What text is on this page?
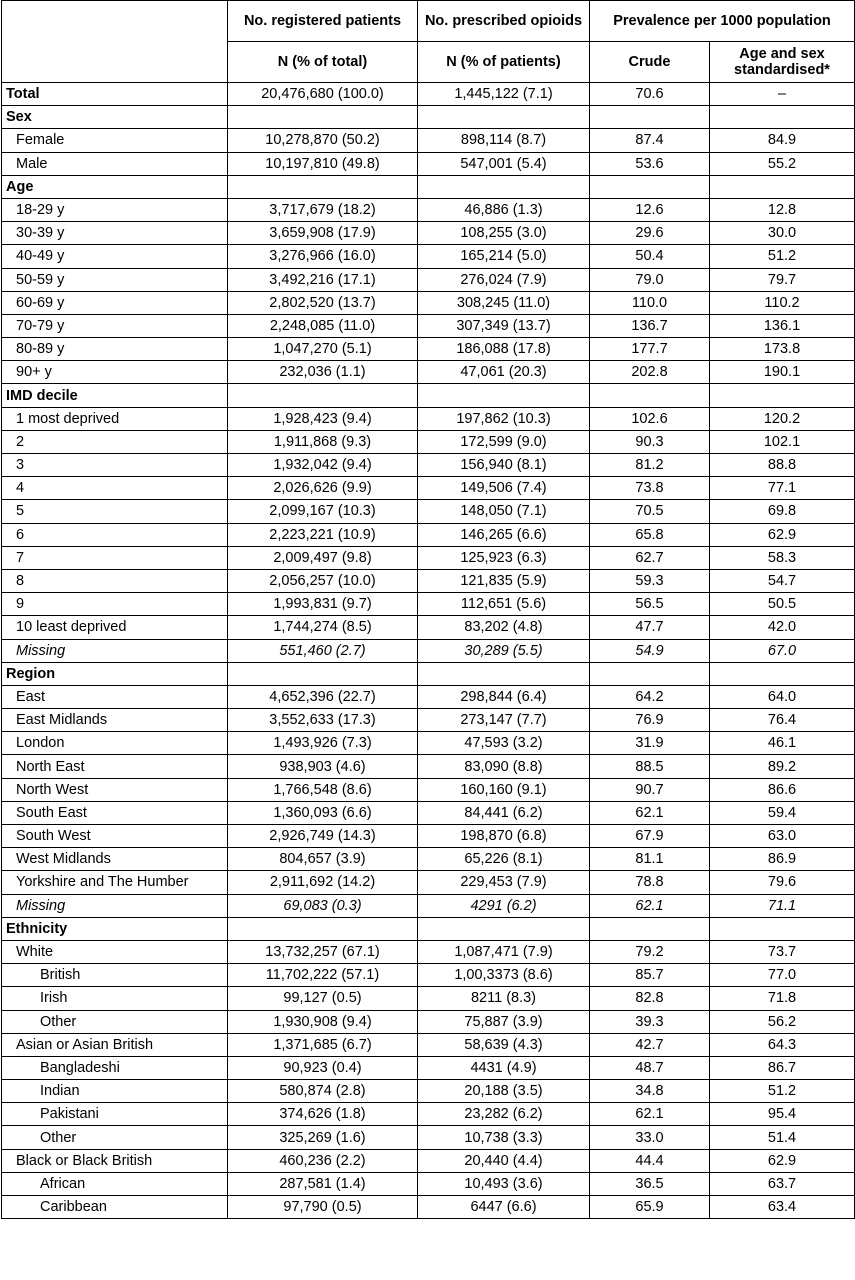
	No. registered patients	No. prescribed opioids	Prevalence per 1000 population	
	N (% of total)	N (% of patients)	Crude	Age and sex standardised*
Total	20,476,680 (100.0)	1,445,122 (7.1)	70.6	–
Sex				
Female	10,278,870 (50.2)	898,114 (8.7)	87.4	84.9
Male	10,197,810 (49.8)	547,001 (5.4)	53.6	55.2
Age				
18-29 y	3,717,679 (18.2)	46,886 (1.3)	12.6	12.8
30-39 y	3,659,908 (17.9)	108,255 (3.0)	29.6	30.0
40-49 y	3,276,966 (16.0)	165,214 (5.0)	50.4	51.2
50-59 y	3,492,216 (17.1)	276,024 (7.9)	79.0	79.7
60-69 y	2,802,520 (13.7)	308,245 (11.0)	110.0	110.2
70-79 y	2,248,085 (11.0)	307,349 (13.7)	136.7	136.1
80-89 y	1,047,270 (5.1)	186,088 (17.8)	177.7	173.8
90+ y	232,036 (1.1)	47,061 (20.3)	202.8	190.1
IMD decile				
1 most deprived	1,928,423 (9.4)	197,862 (10.3)	102.6	120.2
2	1,911,868 (9.3)	172,599 (9.0)	90.3	102.1
3	1,932,042 (9.4)	156,940 (8.1)	81.2	88.8
4	2,026,626 (9.9)	149,506 (7.4)	73.8	77.1
5	2,099,167 (10.3)	148,050 (7.1)	70.5	69.8
6	2,223,221 (10.9)	146,265 (6.6)	65.8	62.9
7	2,009,497 (9.8)	125,923 (6.3)	62.7	58.3
8	2,056,257 (10.0)	121,835 (5.9)	59.3	54.7
9	1,993,831 (9.7)	112,651 (5.6)	56.5	50.5
10 least deprived	1,744,274 (8.5)	83,202 (4.8)	47.7	42.0
Missing	551,460 (2.7)	30,289 (5.5)	54.9	67.0
Region				
East	4,652,396 (22.7)	298,844 (6.4)	64.2	64.0
East Midlands	3,552,633 (17.3)	273,147 (7.7)	76.9	76.4
London	1,493,926 (7.3)	47,593 (3.2)	31.9	46.1
North East	938,903 (4.6)	83,090 (8.8)	88.5	89.2
North West	1,766,548 (8.6)	160,160 (9.1)	90.7	86.6
South East	1,360,093 (6.6)	84,441 (6.2)	62.1	59.4
South West	2,926,749 (14.3)	198,870 (6.8)	67.9	63.0
West Midlands	804,657 (3.9)	65,226 (8.1)	81.1	86.9
Yorkshire and The Humber	2,911,692 (14.2)	229,453 (7.9)	78.8	79.6
Missing	69,083 (0.3)	4291 (6.2)	62.1	71.1
Ethnicity				
White	13,732,257 (67.1)	1,087,471 (7.9)	79.2	73.7
British	11,702,222 (57.1)	1,00,3373 (8.6)	85.7	77.0
Irish	99,127 (0.5)	8211 (8.3)	82.8	71.8
Other	1,930,908 (9.4)	75,887 (3.9)	39.3	56.2
Asian or Asian British	1,371,685 (6.7)	58,639 (4.3)	42.7	64.3
Bangladeshi	90,923 (0.4)	4431 (4.9)	48.7	86.7
Indian	580,874 (2.8)	20,188 (3.5)	34.8	51.2
Pakistani	374,626 (1.8)	23,282 (6.2)	62.1	95.4
Other	325,269 (1.6)	10,738 (3.3)	33.0	51.4
Black or Black British	460,236 (2.2)	20,440 (4.4)	44.4	62.9
African	287,581 (1.4)	10,493 (3.6)	36.5	63.7
Caribbean	97,790 (0.5)	6447 (6.6)	65.9	63.4
